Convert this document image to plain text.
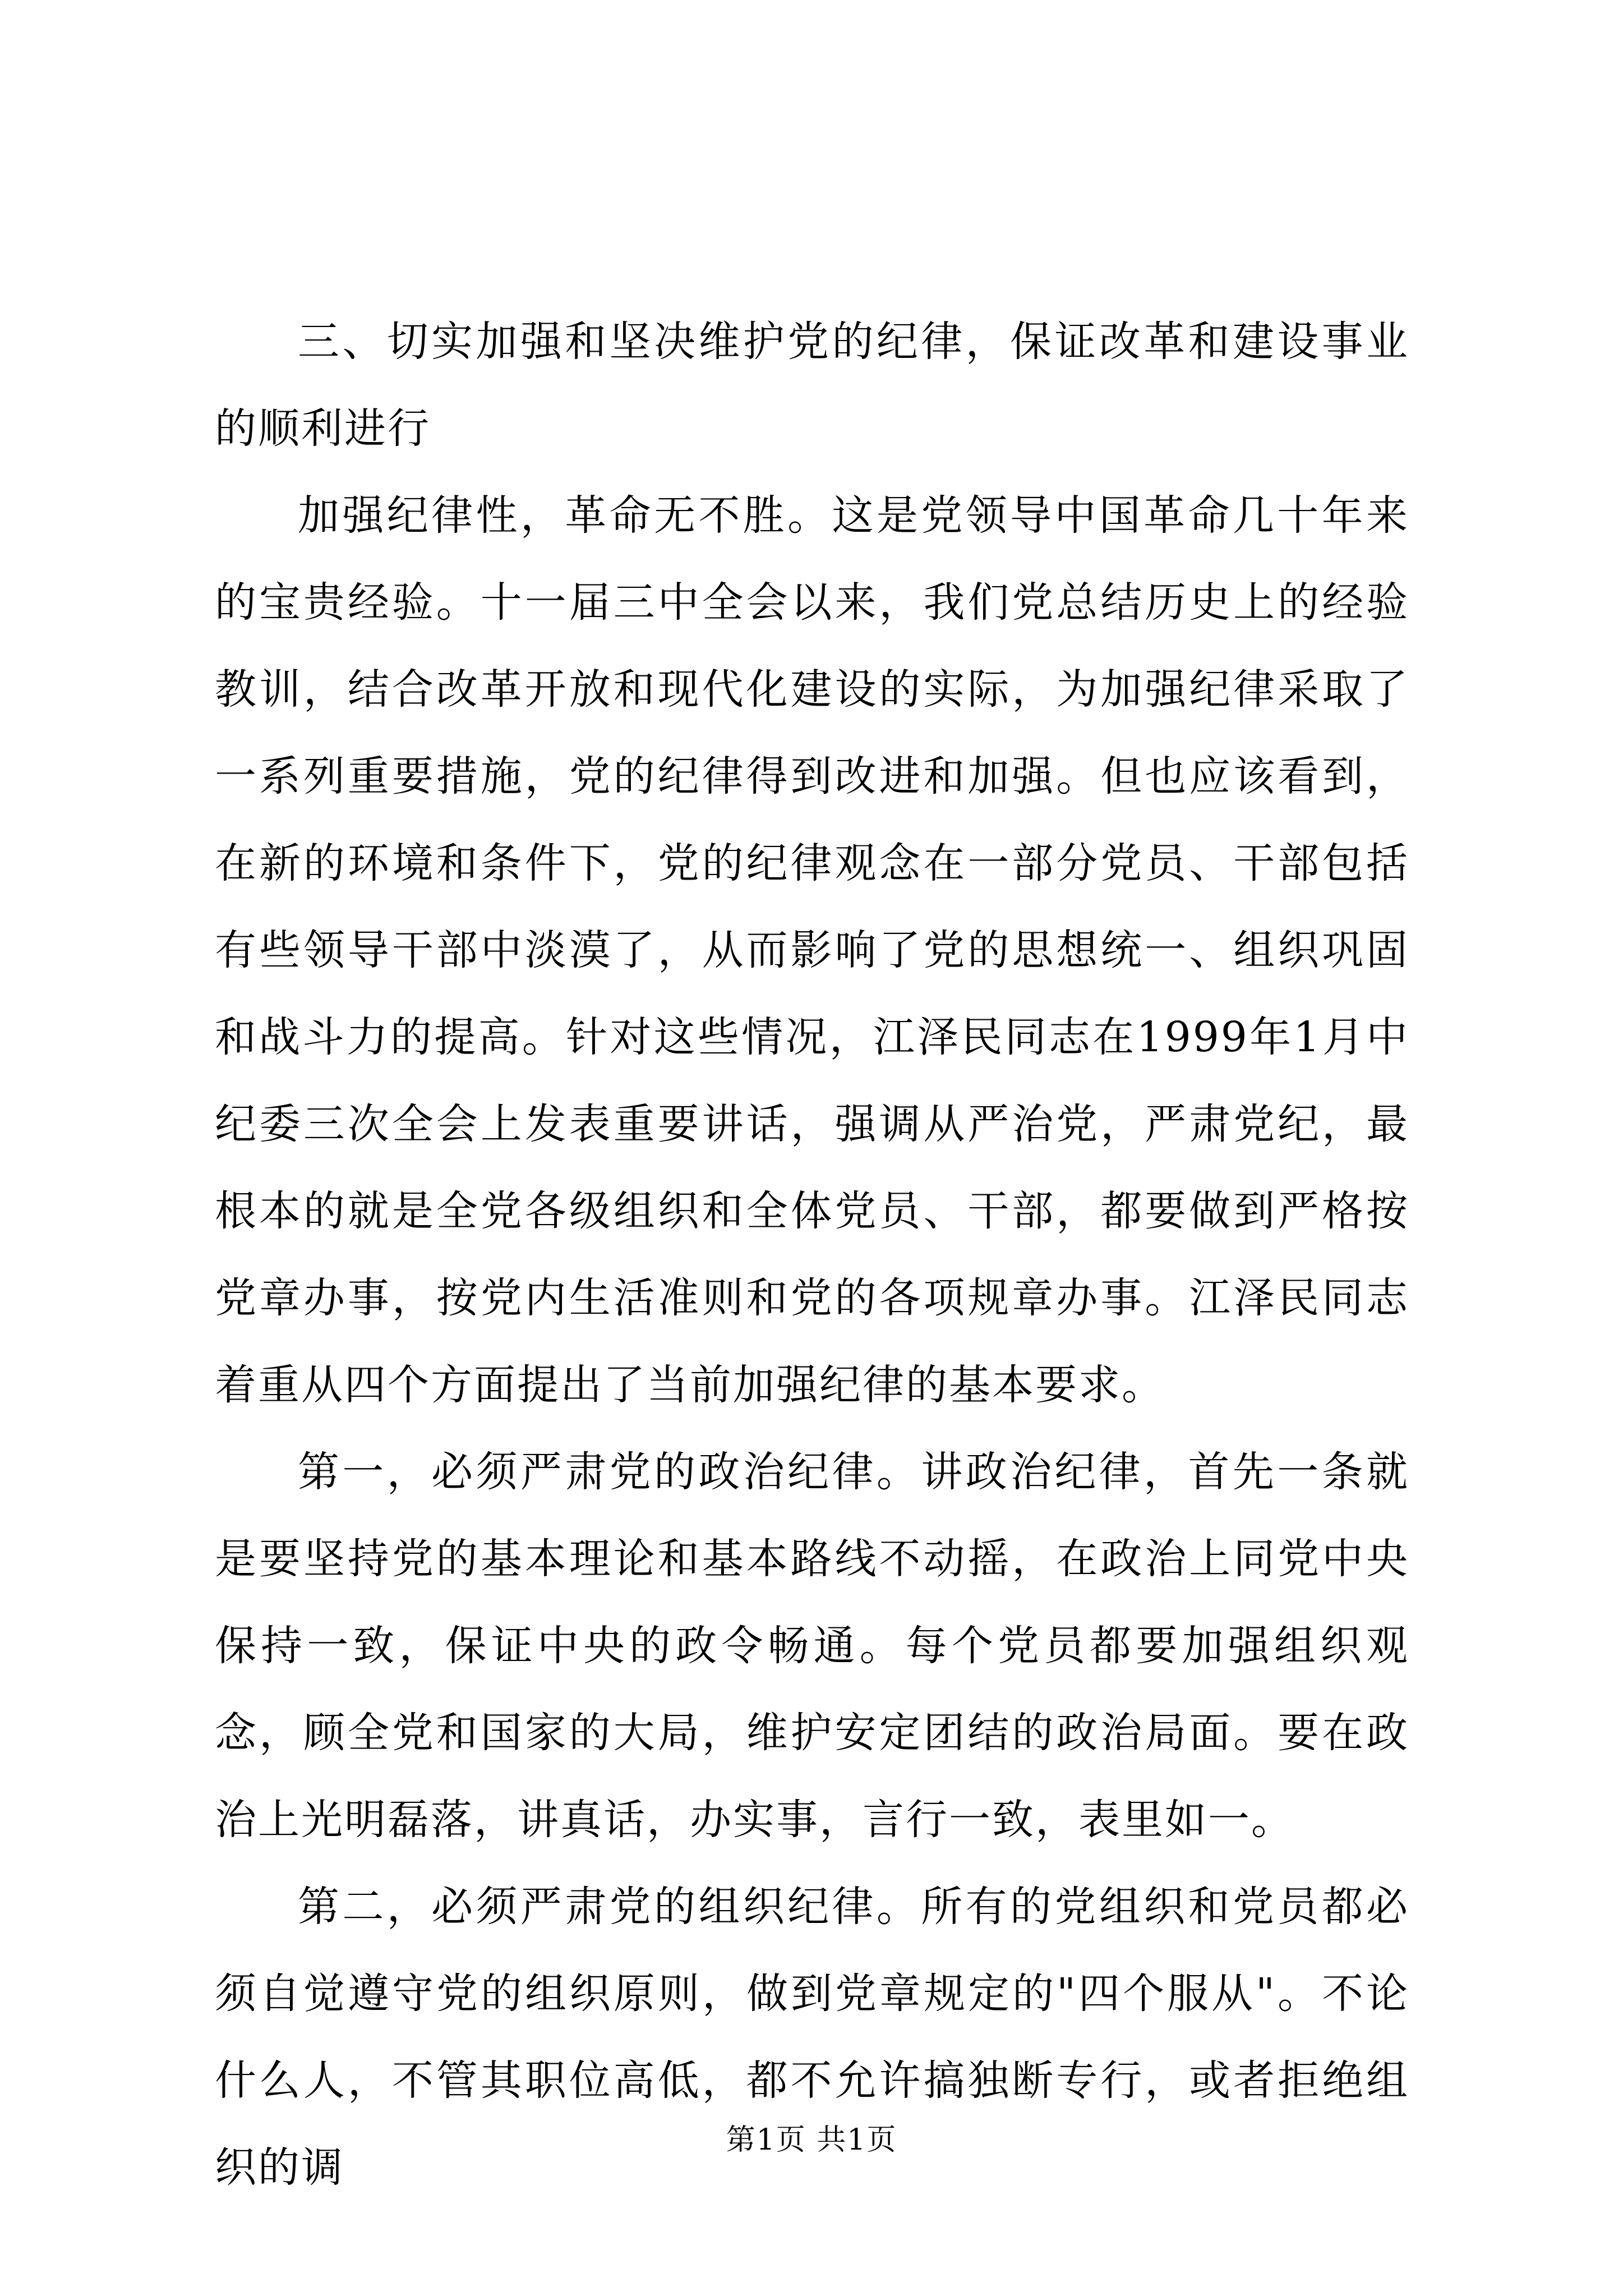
三、切实加强和坚决维护党的纪律，保证改革和建设事业的顺利进行

加强纪律性，革命无不胜。这是党领导中国革命几十年来的宝贵经验。十一届三中全会以来，我们党总结历史上的经验教训，结合改革开放和现代化建设的实际，为加强纪律采取了一系列重要措施，党的纪律得到改进和加强。但也应该看到，在新的环境和条件下，党的纪律观念在一部分党员、干部包括有些领导干部中淡漠了，从而影响了党的思想统一、组织巩固和战斗力的提高。针对这些情况，江泽民同志在1999年1月中纪委三次全会上发表重要讲话，强调从严治党，严肃党纪，最根本的就是全党各级组织和全体党员、干部，都要做到严格按党章办事，按党内生活准则和党的各项规章办事。江泽民同志着重从四个方面提出了当前加强纪律的基本要求。

第一，必须严肃党的政治纪律。讲政治纪律，首先一条就是要坚持党的基本理论和基本路线不动摇，在政治上同党中央保持一致，保证中央的政令畅通。每个党员都要加强组织观念，顾全党和国家的大局，维护安定团结的政治局面。要在政治上光明磊落，讲真话，办实事，言行一致，表里如一。

第二，必须严肃党的组织纪律。所有的党组织和党员都必须自觉遵守党的组织原则，做到党章规定的"四个服从"。不论什么人，不管其职位高低，都不允许搞独断专行，或者拒绝组织的调

第1页 共1页
